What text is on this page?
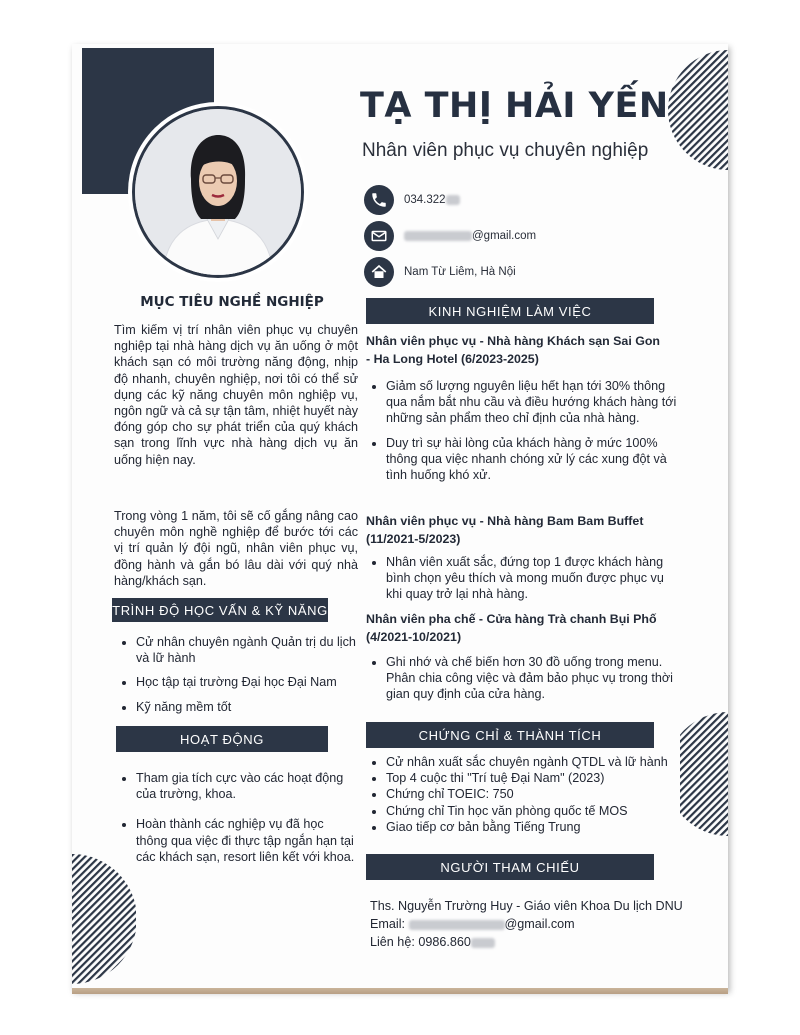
TẠ THỊ HẢI YẾN
Nhân viên phục vụ chuyên nghiệp
034.322
@gmail.com
Nam Từ Liêm, Hà Nội
MỤC TIÊU NGHỀ NGHIỆP
Tìm kiếm vị trí nhân viên phục vụ chuyên nghiệp tại nhà hàng dịch vụ ăn uống ở một khách sạn có môi trường năng động, nhịp độ nhanh, chuyên nghiệp, nơi tôi có thể sử dụng các kỹ năng chuyên môn nghiệp vụ, ngôn ngữ và cả sự tận tâm, nhiệt huyết này đóng góp cho sự phát triển của quý khách sạn trong lĩnh vực nhà hàng dịch vụ ăn uống hiện nay.
Trong vòng 1 năm, tôi sẽ cố gắng nâng cao chuyên môn nghề nghiệp để bước tới các vị trí quản lý đội ngũ, nhân viên phục vụ, đồng hành và gắn bó lâu dài với quý nhà hàng/khách sạn.
TRÌNH ĐỘ HỌC VẤN & KỸ NĂNG
• Cử nhân chuyên ngành Quản trị du lịch và lữ hành
• Học tập tại trường Đại học Đại Nam
• Kỹ năng mềm tốt
HOẠT ĐỘNG
• Tham gia tích cực vào các hoạt động của trường, khoa.
• Hoàn thành các nghiệp vụ đã học thông qua việc đi thực tập ngắn hạn tại các khách sạn, resort liên kết với khoa.
KINH NGHIỆM LÀM VIỆC
Nhân viên phục vụ - Nhà hàng Khách sạn Sai Gon - Ha Long Hotel (6/2023-2025)
• Giảm số lượng nguyên liệu hết hạn tới 30% thông qua nắm bắt nhu cầu và điều hướng khách hàng tới những sản phẩm theo chỉ định của nhà hàng.
• Duy trì sự hài lòng của khách hàng ở mức 100% thông qua việc nhanh chóng xử lý các xung đột và tình huống khó xử.
Nhân viên phục vụ - Nhà hàng Bam Bam Buffet (11/2021-5/2023)
• Nhân viên xuất sắc, đứng top 1 được khách hàng bình chọn yêu thích và mong muốn được phục vụ khi quay trở lại nhà hàng.
Nhân viên pha chế - Cửa hàng Trà chanh Bụi Phố (4/2021-10/2021)
• Ghi nhớ và chế biến hơn 30 đồ uống trong menu. Phân chia công việc và đảm bảo phục vụ trong thời gian quy định của cửa hàng.
CHỨNG CHỈ & THÀNH TÍCH
• Cử nhân xuất sắc chuyên ngành QTDL và lữ hành
• Top 4 cuộc thi "Trí tuệ Đại Nam" (2023)
• Chứng chỉ TOEIC: 750
• Chứng chỉ Tin học văn phòng quốc tế MOS
• Giao tiếp cơ bản bằng Tiếng Trung
NGƯỜI THAM CHIẾU
Ths. Nguyễn Trường Huy - Giáo viên Khoa Du lịch DNU
Email:	@gmail.com
Liên hệ: 0986.860
